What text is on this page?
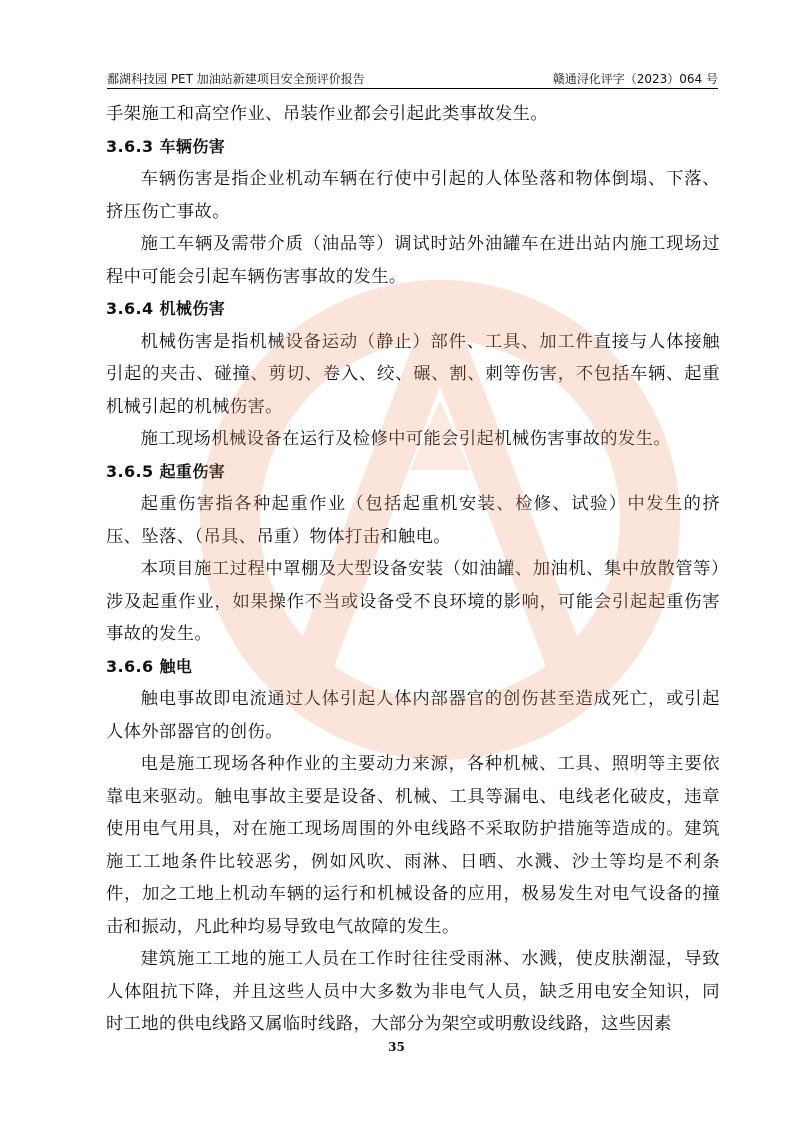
鄱湖科技园 PET 加油站新建项目安全预评价报告	赣通浔化评字（2023）064 号

手架施工和高空作业、吊装作业都会引起此类事故发生。

3.6.3 车辆伤害

车辆伤害是指企业机动车辆在行使中引起的人体坠落和物体倒塌、下落、挤压伤亡事故。

施工车辆及需带介质（油品等）调试时站外油罐车在进出站内施工现场过程中可能会引起车辆伤害事故的发生。

3.6.4 机械伤害

机械伤害是指机械设备运动（静止）部件、工具、加工件直接与人体接触引起的夹击、碰撞、剪切、卷入、绞、碾、割、刺等伤害，不包括车辆、起重机械引起的机械伤害。

施工现场机械设备在运行及检修中可能会引起机械伤害事故的发生。

3.6.5 起重伤害

起重伤害指各种起重作业（包括起重机安装、检修、试验）中发生的挤压、坠落、（吊具、吊重）物体打击和触电。

本项目施工过程中罩棚及大型设备安装（如油罐、加油机、集中放散管等）涉及起重作业，如果操作不当或设备受不良环境的影响，可能会引起起重伤害事故的发生。

3.6.6 触电

触电事故即电流通过人体引起人体内部器官的创伤甚至造成死亡，或引起人体外部器官的创伤。

电是施工现场各种作业的主要动力来源，各种机械、工具、照明等主要依靠电来驱动。触电事故主要是设备、机械、工具等漏电、电线老化破皮，违章使用电气用具，对在施工现场周围的外电线路不采取防护措施等造成的。建筑施工工地条件比较恶劣，例如风吹、雨淋、日晒、水溅、沙土等均是不利条件，加之工地上机动车辆的运行和机械设备的应用，极易发生对电气设备的撞击和振动，凡此种均易导致电气故障的发生。

建筑施工工地的施工人员在工作时往往受雨淋、水溅，使皮肤潮湿，导致人体阻抗下降，并且这些人员中大多数为非电气人员，缺乏用电安全知识，同时工地的供电线路又属临时线路，大部分为架空或明敷设线路，这些因素

35
